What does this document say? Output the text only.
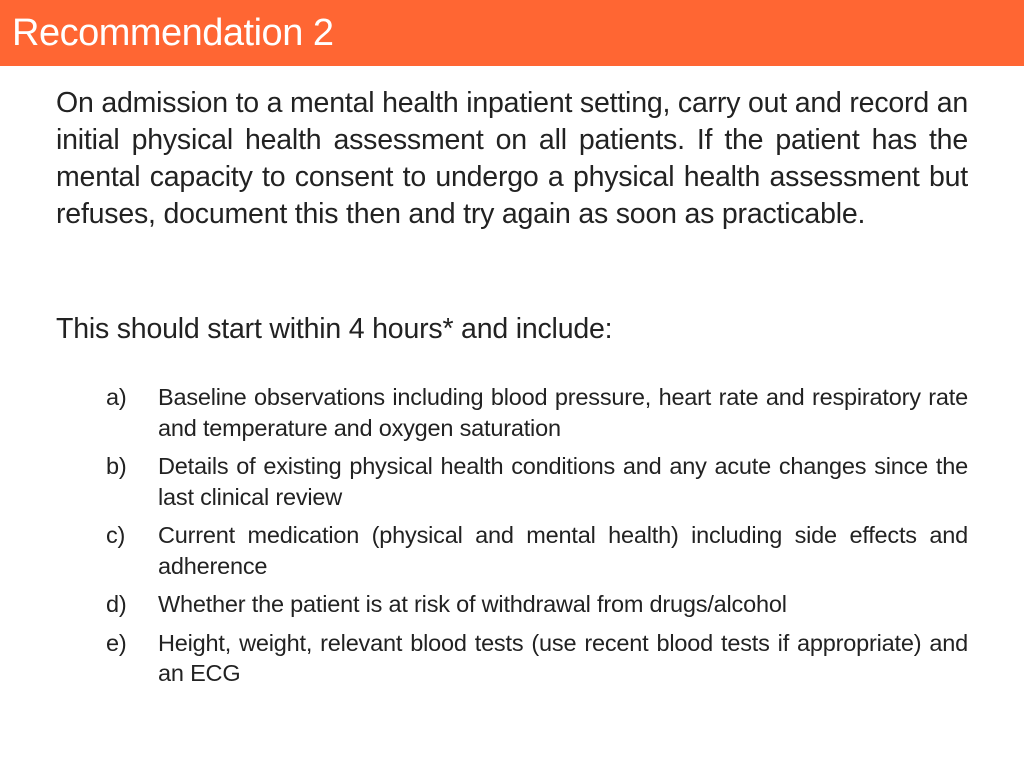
Recommendation 2

On admission to a mental health inpatient setting, carry out and record an initial physical health assessment on all patients. If the patient has the mental capacity to consent to undergo a physical health assessment but refuses, document this then and try again as soon as practicable.

This should start within 4 hours* and include:

a)	Baseline observations including blood pressure, heart rate and respiratory rate and temperature and oxygen saturation
b)	Details of existing physical health conditions and any acute changes since the last clinical review
c)	Current medication (physical and mental health) including side effects and adherence
d)	Whether the patient is at risk of withdrawal from drugs/alcohol
e)	Height, weight, relevant blood tests (use recent blood tests if appropriate) and an ECG
